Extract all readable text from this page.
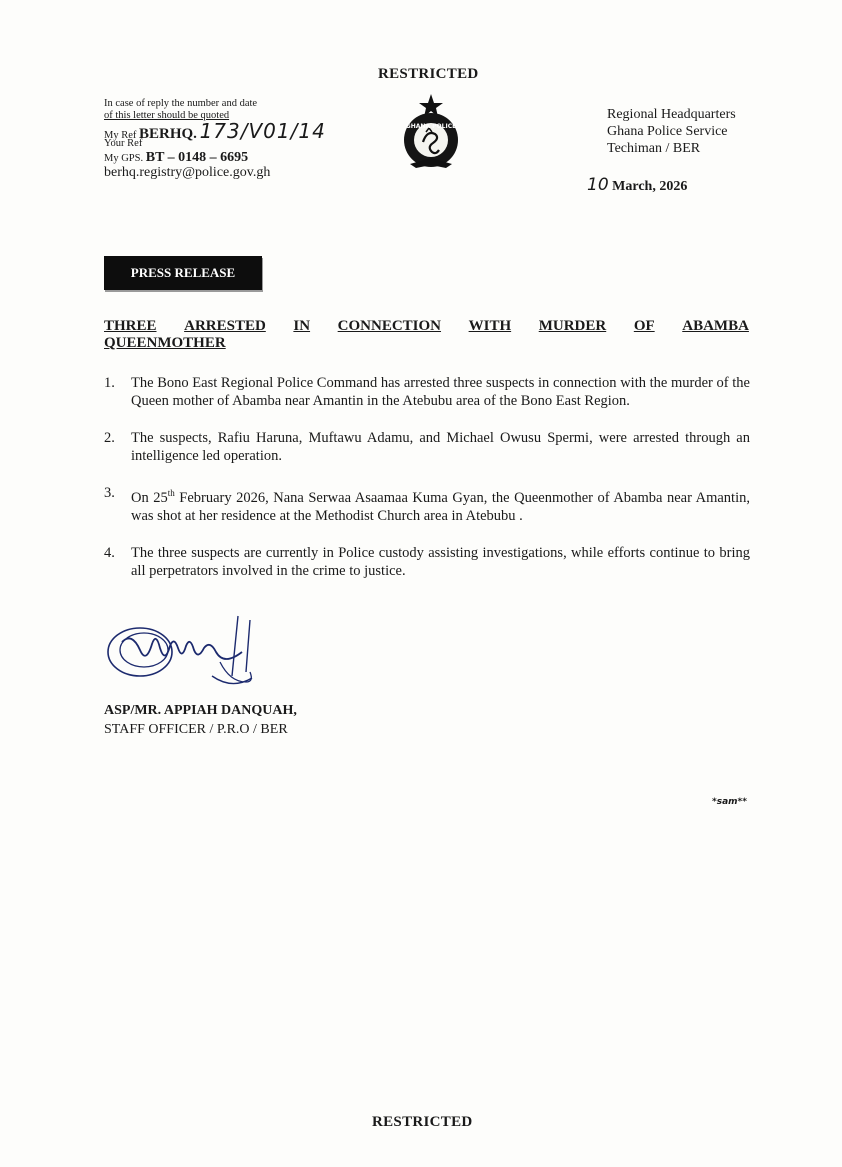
RESTRICTED
In case of reply the number and date
of this letter should be quoted
My Ref BERHQ. 173/V01/14
Your Ref
My GPS. BT – 0148 – 6695
berhq.registry@police.gov.gh
GHANA POLICE
Regional Headquarters
Ghana Police Service
Techiman / BER
10 March, 2026
PRESS RELEASE
THREE ARRESTED IN CONNECTION WITH MURDER OF ABAMBA
QUEENMOTHER
1.	The Bono East Regional Police Command has arrested three suspects in connection with the murder of the Queen mother of Abamba near Amantin in the Atebubu area of the Bono East Region.
2.	The suspects, Rafiu Haruna, Muftawu Adamu, and Michael Owusu Spermi, were arrested through an intelligence led operation.
3.	On 25th February 2026, Nana Serwaa Asaamaa Kuma Gyan, the Queenmother of Abamba near Amantin, was shot at her residence at the Methodist Church area in Atebubu .
4.	The three suspects are currently in Police custody assisting investigations, while efforts continue to bring all perpetrators involved in the crime to justice.
ASP/MR. APPIAH DANQUAH,
STAFF OFFICER / P.R.O / BER
*sam**
RESTRICTED
